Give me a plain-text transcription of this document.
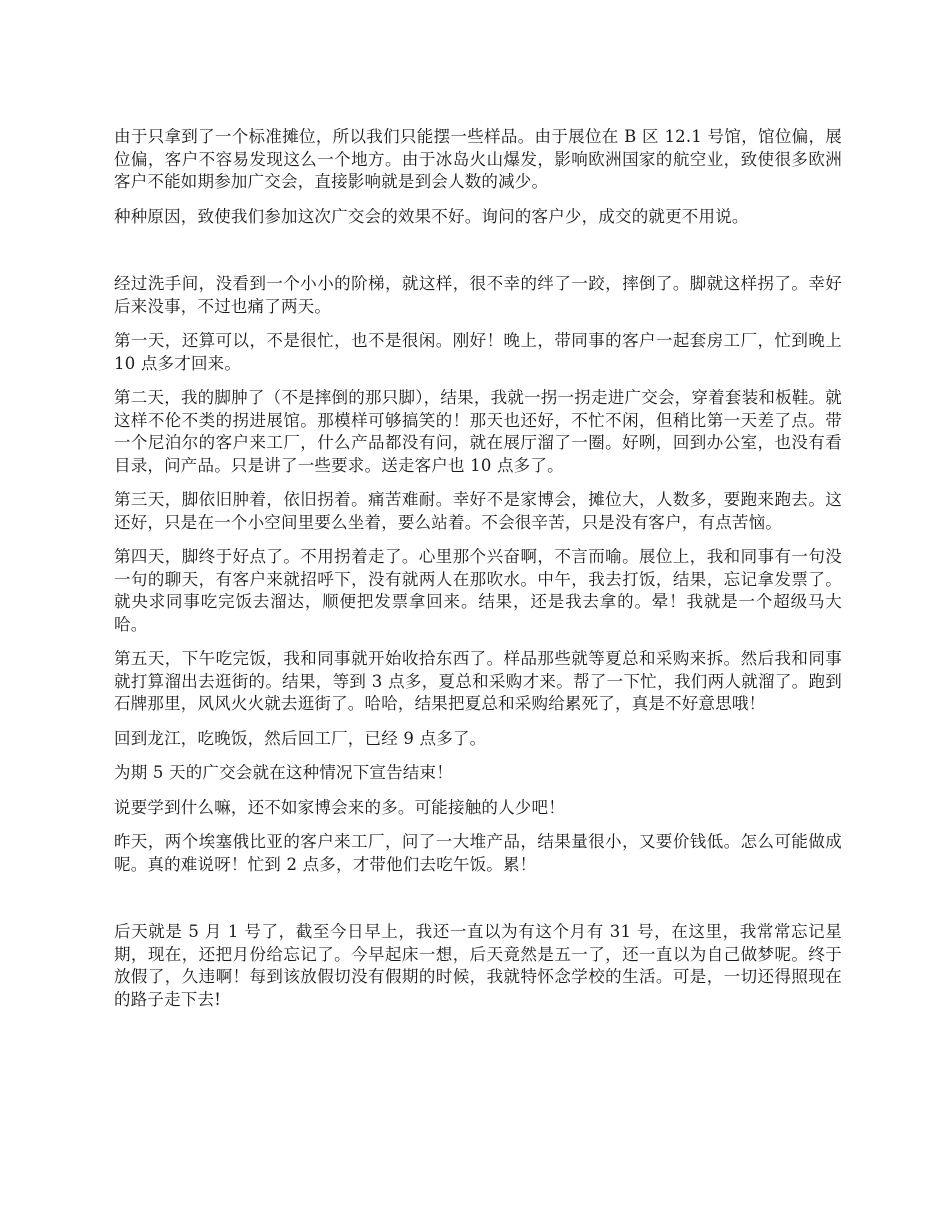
由于只拿到了一个标准摊位，所以我们只能摆一些样品。由于展位在 B 区 12.1 号馆，馆位偏，展位偏，客户不容易发现这么一个地方。由于冰岛火山爆发，影响欧洲国家的航空业，致使很多欧洲客户不能如期参加广交会，直接影响就是到会人数的减少。

种种原因，致使我们参加这次广交会的效果不好。询问的客户少，成交的就更不用说。

经过洗手间，没看到一个小小的阶梯，就这样，很不幸的绊了一跤，摔倒了。脚就这样拐了。幸好后来没事，不过也痛了两天。

第一天，还算可以，不是很忙，也不是很闲。刚好！晚上，带同事的客户一起套房工厂，忙到晚上 10 点多才回来。

第二天，我的脚肿了（不是摔倒的那只脚），结果，我就一拐一拐走进广交会，穿着套装和板鞋。就这样不伦不类的拐进展馆。那模样可够搞笑的！那天也还好，不忙不闲，但稍比第一天差了点。带一个尼泊尔的客户来工厂，什么产品都没有问，就在展厅溜了一圈。好咧，回到办公室，也没有看目录，问产品。只是讲了一些要求。送走客户也 10 点多了。

第三天，脚依旧肿着，依旧拐着。痛苦难耐。幸好不是家博会，摊位大，人数多，要跑来跑去。这还好，只是在一个小空间里要么坐着，要么站着。不会很辛苦，只是没有客户，有点苦恼。

第四天，脚终于好点了。不用拐着走了。心里那个兴奋啊，不言而喻。展位上，我和同事有一句没一句的聊天，有客户来就招呼下，没有就两人在那吹水。中午，我去打饭，结果，忘记拿发票了。就央求同事吃完饭去溜达，顺便把发票拿回来。结果，还是我去拿的。晕！我就是一个超级马大哈。

第五天，下午吃完饭，我和同事就开始收拾东西了。样品那些就等夏总和采购来拆。然后我和同事就打算溜出去逛街的。结果，等到 3 点多，夏总和采购才来。帮了一下忙，我们两人就溜了。跑到石牌那里，风风火火就去逛街了。哈哈，结果把夏总和采购给累死了，真是不好意思哦！

回到龙江，吃晚饭，然后回工厂，已经 9 点多了。

为期 5 天的广交会就在这种情况下宣告结束！

说要学到什么嘛，还不如家博会来的多。可能接触的人少吧！

昨天，两个埃塞俄比亚的客户来工厂，问了一大堆产品，结果量很小，又要价钱低。怎么可能做成呢。真的难说呀！忙到 2 点多，才带他们去吃午饭。累！

后天就是 5 月 1 号了，截至今日早上，我还一直以为有这个月有 31 号，在这里，我常常忘记星期，现在，还把月份给忘记了。今早起床一想，后天竟然是五一了，还一直以为自己做梦呢。终于放假了，久违啊！每到该放假切没有假期的时候，我就特怀念学校的生活。可是，一切还得照现在的路子走下去!
